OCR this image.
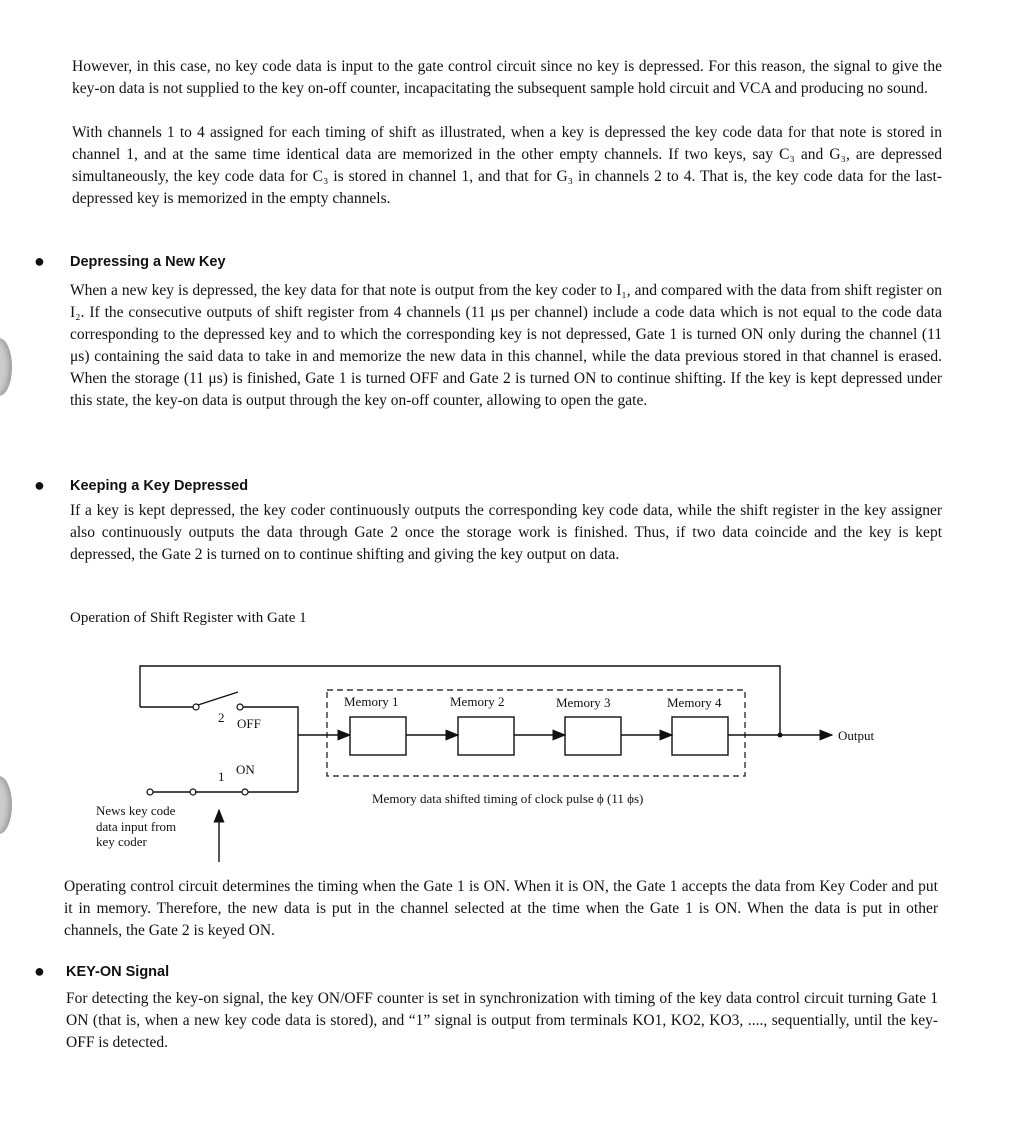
However, in this case, no key code data is input to the gate control circuit since no key is depressed. For this reason, the signal to give the key-on data is not supplied to the key on-off counter, incapacitating the subsequent sample hold circuit and VCA and producing no sound.

With channels 1 to 4 assigned for each timing of shift as illustrated, when a key is depressed the key code data for that note is stored in channel 1, and at the same time identical data are memorized in the other empty channels. If two keys, say C₃ and G₃, are depressed simultaneously, the key code data for C₃ is stored in channel 1, and that for G₃ in channels 2 to 4. That is, the key code data for the last-depressed key is memorized in the empty channels.

● Depressing a New Key

When a new key is depressed, the key data for that note is output from the key coder to I₁, and compared with the data from shift register on I₂. If the consecutive outputs of shift register from 4 channels (11 μs per channel) include a code data which is not equal to the code data corresponding to the depressed key and to which the corresponding key is not depressed, Gate 1 is turned ON only during the channel (11 μs) containing the said data to take in and memorize the new data in this channel, while the data previous stored in that channel is erased. When the storage (11 μs) is finished, Gate 1 is turned OFF and Gate 2 is turned ON to continue shifting. If the key is kept depressed under this state, the key-on data is output through the key on-off counter, allowing to open the gate.

● Keeping a Key Depressed

If a key is kept depressed, the key coder continuously outputs the corresponding key code data, while the shift register in the key assigner also continuously outputs the data through Gate 2 once the storage work is finished. Thus, if two data coincide and the key is kept depressed, the Gate 2 is turned on to continue shifting and giving the key output on data.

Operation of Shift Register with Gate 1

2 OFF
1 ON
Memory 1	Memory 2	Memory 3	Memory 4
Output
Memory data shifted timing of clock pulse ϕ (11 ϕs)
News key code
data input from
key coder

Operating control circuit determines the timing when the Gate 1 is ON. When it is ON, the Gate 1 accepts the data from Key Coder and put it in memory. Therefore, the new data is put in the channel selected at the time when the Gate 1 is ON. When the data is put in other channels, the Gate 2 is keyed ON.

● KEY-ON Signal

For detecting the key-on signal, the key ON/OFF counter is set in synchronization with timing of the key data control circuit turning Gate 1 ON (that is, when a new key code data is stored), and “1” signal is output from terminals KO1, KO2, KO3, ...., sequentially, until the key-OFF is detected.
